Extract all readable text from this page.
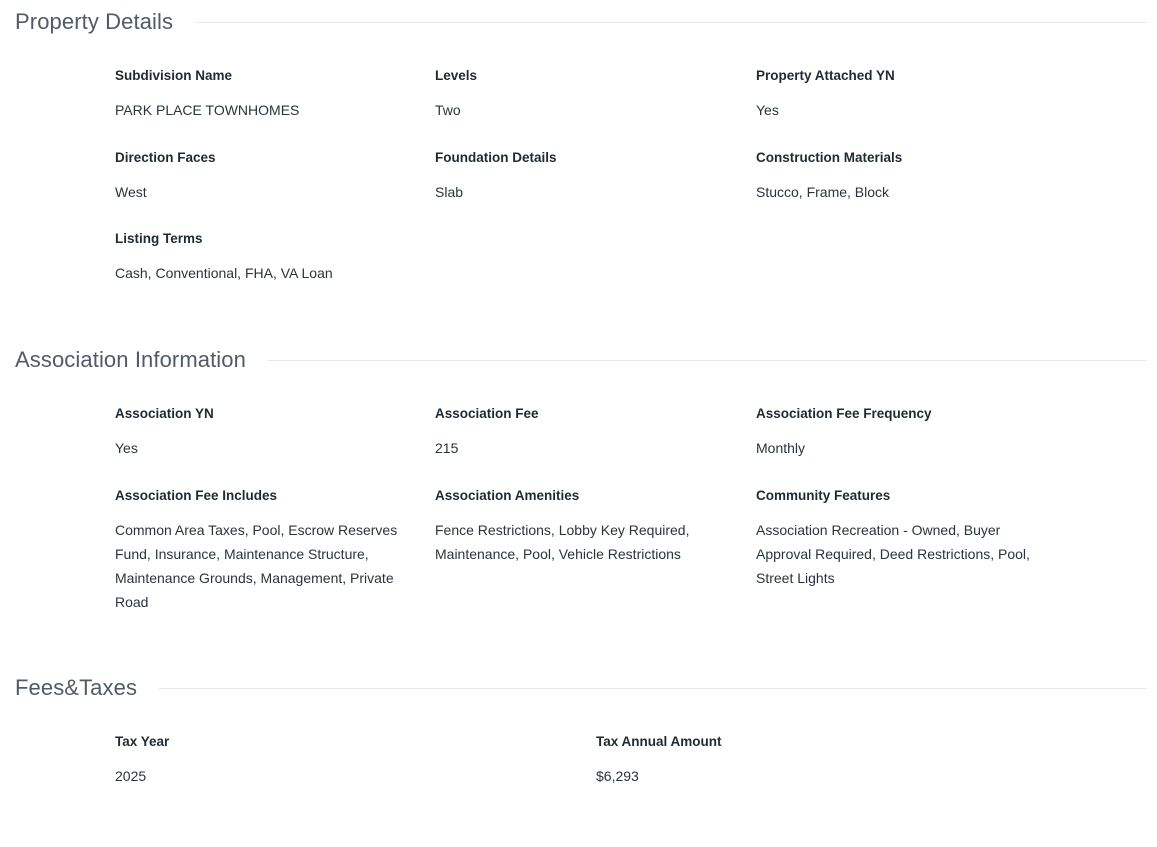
Property Details
Subdivision Name
PARK PLACE TOWNHOMES
Levels
Two
Property Attached YN
Yes
Direction Faces
West
Foundation Details
Slab
Construction Materials
Stucco, Frame, Block
Listing Terms
Cash, Conventional, FHA, VA Loan
Association Information
Association YN
Yes
Association Fee
215
Association Fee Frequency
Monthly
Association Fee Includes
Common Area Taxes, Pool, Escrow Reserves Fund, Insurance, Maintenance Structure, Maintenance Grounds, Management, Private Road
Association Amenities
Fence Restrictions, Lobby Key Required, Maintenance, Pool, Vehicle Restrictions
Community Features
Association Recreation - Owned, Buyer Approval Required, Deed Restrictions, Pool, Street Lights
Fees&Taxes
Tax Year
2025
Tax Annual Amount
$6,293
